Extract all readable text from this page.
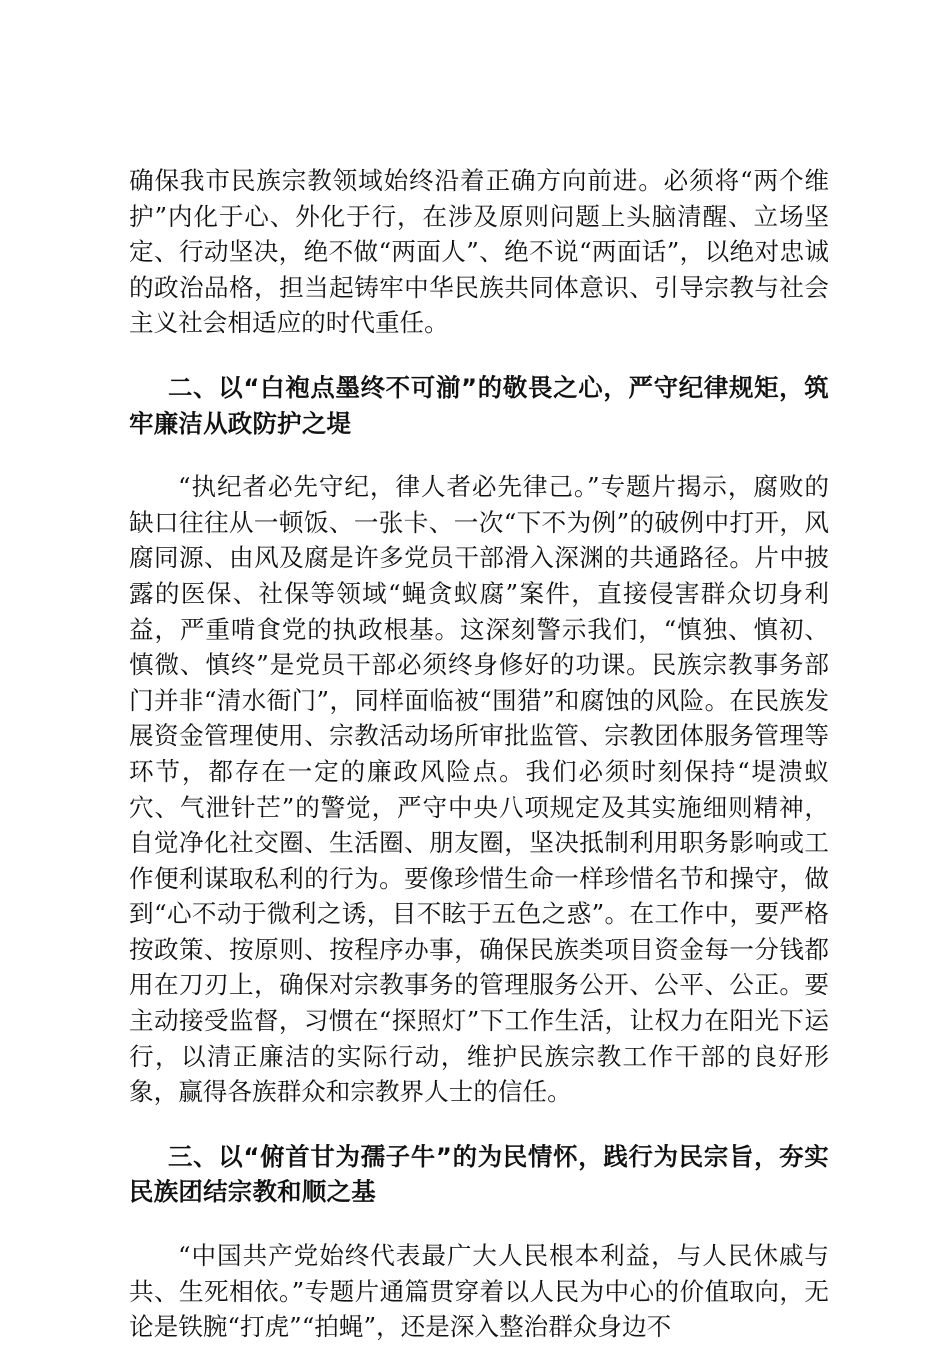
确保我市民族宗教领域始终沿着正确方向前进。必须将“两个维护”内化于心、外化于行，在涉及原则问题上头脑清醒、立场坚定、行动坚决，绝不做“两面人”、绝不说“两面话”，以绝对忠诚的政治品格，担当起铸牢中华民族共同体意识、引导宗教与社会主义社会相适应的时代重任。

二、以“白袍点墨终不可湔”的敬畏之心，严守纪律规矩，筑牢廉洁从政防护之堤

“执纪者必先守纪，律人者必先律己。”专题片揭示，腐败的缺口往往从一顿饭、一张卡、一次“下不为例”的破例中打开，风腐同源、由风及腐是许多党员干部滑入深渊的共通路径。片中披露的医保、社保等领域“蝇贪蚁腐”案件，直接侵害群众切身利益，严重啃食党的执政根基。这深刻警示我们，“慎独、慎初、慎微、慎终”是党员干部必须终身修好的功课。民族宗教事务部门并非“清水衙门”，同样面临被“围猎”和腐蚀的风险。在民族发展资金管理使用、宗教活动场所审批监管、宗教团体服务管理等环节，都存在一定的廉政风险点。我们必须时刻保持“堤溃蚁穴、气泄针芒”的警觉，严守中央八项规定及其实施细则精神，自觉净化社交圈、生活圈、朋友圈，坚决抵制利用职务影响或工作便利谋取私利的行为。要像珍惜生命一样珍惜名节和操守，做到“心不动于微利之诱，目不眩于五色之惑”。在工作中，要严格按政策、按原则、按程序办事，确保民族类项目资金每一分钱都用在刀刃上，确保对宗教事务的管理服务公开、公平、公正。要主动接受监督，习惯在“探照灯”下工作生活，让权力在阳光下运行，以清正廉洁的实际行动，维护民族宗教工作干部的良好形象，赢得各族群众和宗教界人士的信任。

三、以“俯首甘为孺子牛”的为民情怀，践行为民宗旨，夯实民族团结宗教和顺之基

“中国共产党始终代表最广大人民根本利益，与人民休戚与共、生死相依。”专题片通篇贯穿着以人民为中心的价值取向，无论是铁腕“打虎”“拍蝇”，还是深入整治群众身边不
